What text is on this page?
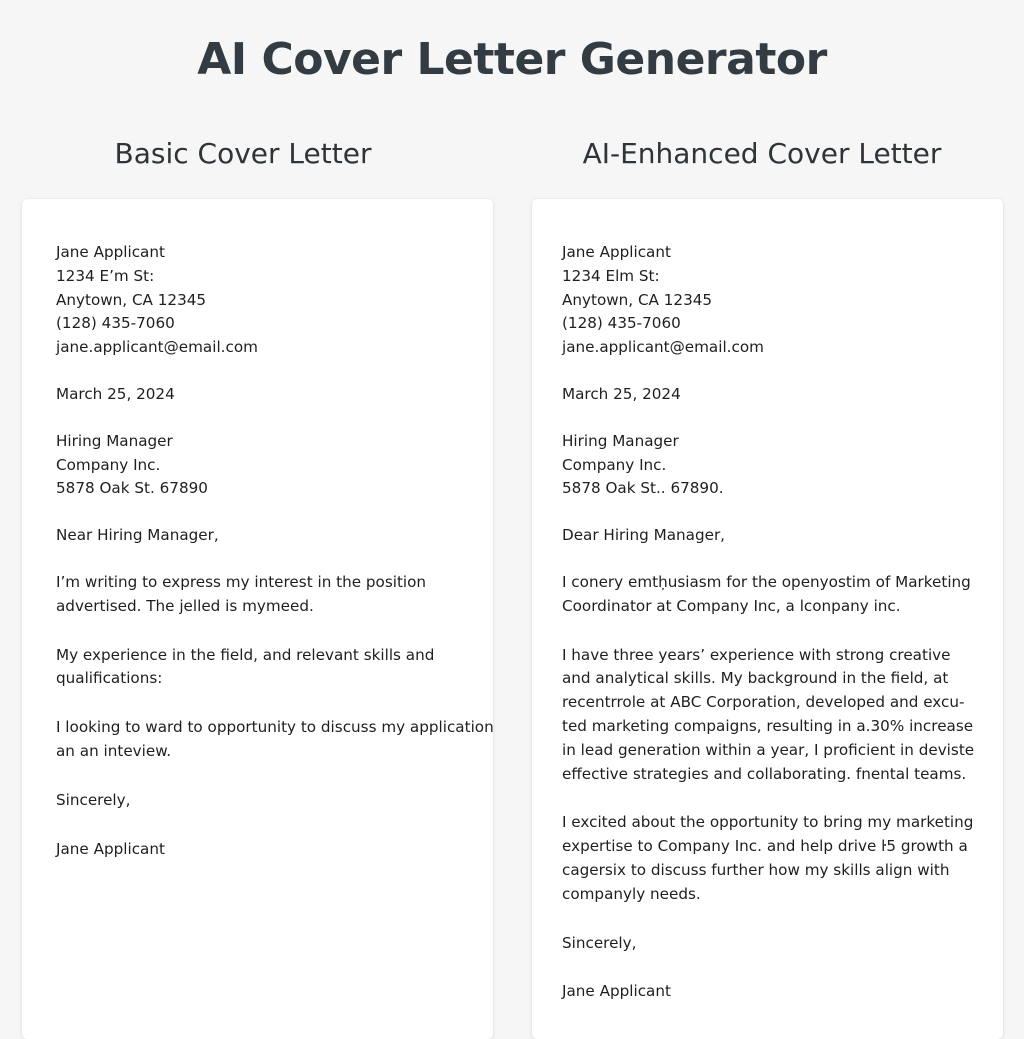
AI Cover Letter Generator
Basic Cover Letter	AI-Enhanced Cover Letter
Jane Applicant
1234 E’m St:
Anytown, CA 12345
(128) 435-7060
jane.applicant@email.com
March 25, 2024
Hiring Manager
Company Inc.
5878 Oak St. 67890
Near Hiring Manager,
I’m writing to express my interest in the position
advertised. The jelled is mymeed.
My experience in the field, and relevant skills and
qualifications:
I looking to ward to opportunity to discuss my application
an an inteview.
Sincerely,
Jane Applicant
Jane Applicant
1234 Elm St:
Anytown, CA 12345
(128) 435-7060
jane.applicant@email.com
March 25, 2024
Hiring Manager
Company Inc.
5878 Oak St.. 67890.
Dear Hiring Manager,
I conery emtḥusiasm for the openyostim of Marketing
Coordinator at Company Inc, a lconpany inc.
I have three years’ experience with strong creative
and analytical skills. My background in the field, at
recentrrole at ABC Corporation, developed and excu-
ted marketing compaigns, resulting in a.30% increase
in lead generation within a year, I proficient in deviste
effective strategies and collaborating. fnental teams.
I excited about the opportunity to bring my marketing
expertise to Company Inc. and help drive ŀ5 growth a
cagersix to discuss further how my skills align with
companyly needs.
Sincerely,
Jane Applicant
